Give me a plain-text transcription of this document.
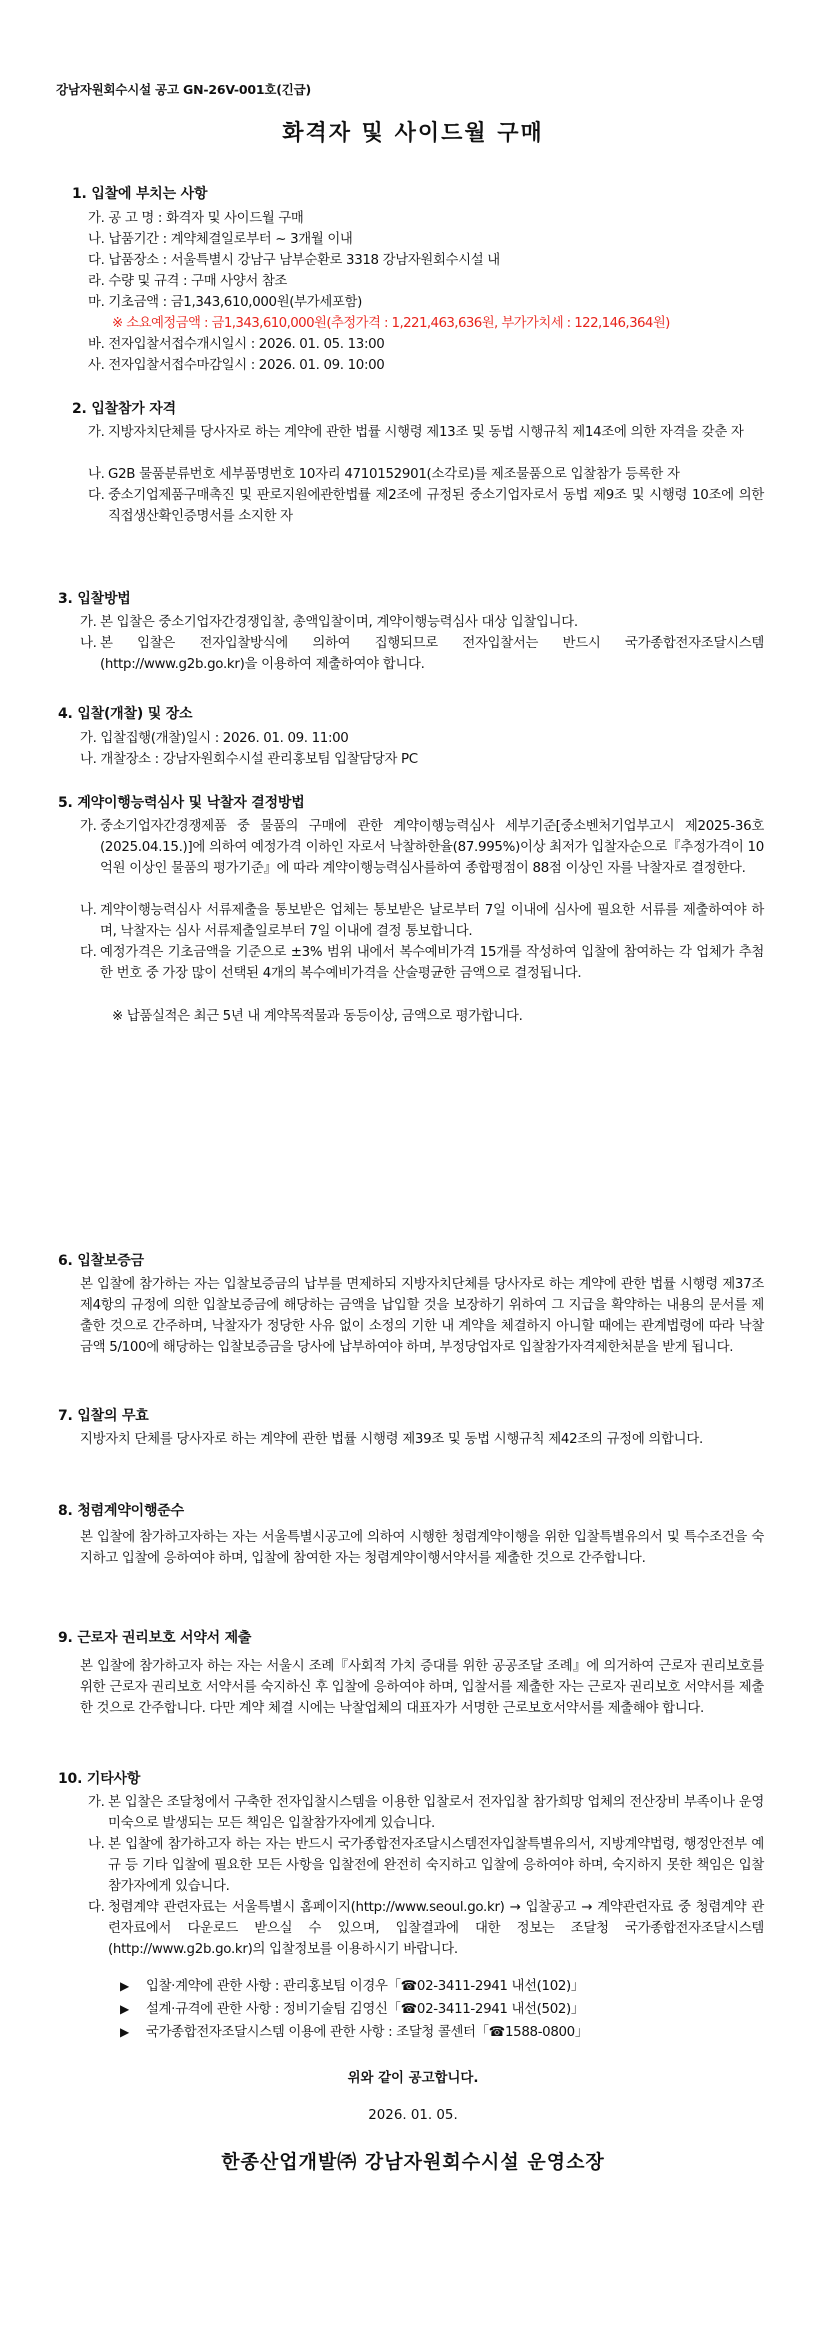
강남자원회수시설 공고 GN-26V-001호(긴급)
화격자 및 사이드월 구매
1. 입찰에 부치는 사항
가. 공 고 명 : 화격자 및 사이드월 구매
나. 납품기간 : 계약체결일로부터 ~ 3개월 이내
다. 납품장소 : 서울특별시 강남구 남부순환로 3318 강남자원회수시설 내
라. 수량 및 규격 : 구매 사양서 참조
마. 기초금액 : 금1,343,610,000원(부가세포함)
※ 소요예정금액 : 금1,343,610,000원(추정가격 : 1,221,463,636원, 부가가치세 : 122,146,364원)
바. 전자입찰서접수개시일시 : 2026. 01. 05. 13:00
사. 전자입찰서접수마감일시 : 2026. 01. 09. 10:00
2. 입찰참가 자격
가. 지방자치단체를 당사자로 하는 계약에 관한 법률 시행령 제13조 및 동법 시행규칙 제14조에 의한 자격을 갖춘 자
나. G2B 물품분류번호 세부품명번호 10자리 4710152901(소각로)를 제조물품으로 입찰참가 등록한 자
다. 중소기업제품구매촉진 및 판로지원에관한법률 제2조에 규정된 중소기업자로서 동법 제9조 및 시행령 10조에 의한 직접생산확인증명서를 소지한 자
3. 입찰방법
가. 본 입찰은 중소기업자간경쟁입찰, 총액입찰이며, 계약이행능력심사 대상 입찰입니다.
나. 본 입찰은 전자입찰방식에 의하여 집행되므로 전자입찰서는 반드시 국가종합전자조달시스템(http://www.g2b.go.kr)을 이용하여 제출하여야 합니다.
4. 입찰(개찰) 및 장소
가. 입찰집행(개찰)일시 : 2026. 01. 09. 11:00
나. 개찰장소 : 강남자원회수시설 관리홍보팀 입찰담당자 PC
5. 계약이행능력심사 및 낙찰자 결정방법
가. 중소기업자간경쟁제품 중 물품의 구매에 관한 계약이행능력심사 세부기준[중소벤처기업부고시 제2025-36호(2025.04.15.)]에 의하여 예정가격 이하인 자로서 낙찰하한율(87.995%)이상 최저가 입찰자순으로『추정가격이 10억원 이상인 물품의 평가기준』에 따라 계약이행능력심사를하여 종합평점이 88점 이상인 자를 낙찰자로 결정한다.
나. 계약이행능력심사 서류제출을 통보받은 업체는 통보받은 날로부터 7일 이내에 심사에 필요한 서류를 제출하여야 하며, 낙찰자는 심사 서류제출일로부터 7일 이내에 결정 통보합니다.
다. 예정가격은 기초금액을 기준으로 ±3% 범위 내에서 복수예비가격 15개를 작성하여 입찰에 참여하는 각 업체가 추첨한 번호 중 가장 많이 선택된 4개의 복수예비가격을 산술평균한 금액으로 결정됩니다.
※ 납품실적은 최근 5년 내 계약목적물과 동등이상, 금액으로 평가합니다.
6. 입찰보증금
본 입찰에 참가하는 자는 입찰보증금의 납부를 면제하되 지방자치단체를 당사자로 하는 계약에 관한 법률 시행령 제37조 제4항의 규정에 의한 입찰보증금에 해당하는 금액을 납입할 것을 보장하기 위하여 그 지급을 확약하는 내용의 문서를 제출한 것으로 간주하며, 낙찰자가 정당한 사유 없이 소정의 기한 내 계약을 체결하지 아니할 때에는 관계법령에 따라 낙찰금액 5/100에 해당하는 입찰보증금을 당사에 납부하여야 하며, 부정당업자로 입찰참가자격제한처분을 받게 됩니다.
7. 입찰의 무효
지방자치 단체를 당사자로 하는 계약에 관한 법률 시행령 제39조 및 동법 시행규칙 제42조의 규정에 의합니다.
8. 청렴계약이행준수
본 입찰에 참가하고자하는 자는 서울특별시공고에 의하여 시행한 청렴계약이행을 위한 입찰특별유의서 및 특수조건을 숙지하고 입찰에 응하여야 하며, 입찰에 참여한 자는 청렴계약이행서약서를 제출한 것으로 간주합니다.
9. 근로자 권리보호 서약서 제출
본 입찰에 참가하고자 하는 자는 서울시 조례『사회적 가치 증대를 위한 공공조달 조례』에 의거하여 근로자 권리보호를 위한 근로자 권리보호 서약서를 숙지하신 후 입찰에 응하여야 하며, 입찰서를 제출한 자는 근로자 권리보호 서약서를 제출한 것으로 간주합니다. 다만 계약 체결 시에는 낙찰업체의 대표자가 서명한 근로보호서약서를 제출해야 합니다.
10. 기타사항
가. 본 입찰은 조달청에서 구축한 전자입찰시스템을 이용한 입찰로서 전자입찰 참가희망 업체의 전산장비 부족이나 운영미숙으로 발생되는 모든 책임은 입찰참가자에게 있습니다.
나. 본 입찰에 참가하고자 하는 자는 반드시 국가종합전자조달시스템전자입찰특별유의서, 지방계약법령, 행정안전부 예규 등 기타 입찰에 필요한 모든 사항을 입찰전에 완전히 숙지하고 입찰에 응하여야 하며, 숙지하지 못한 책임은 입찰참가자에게 있습니다.
다. 청렴계약 관련자료는 서울특별시 홈페이지(http://www.seoul.go.kr) → 입찰공고 → 계약관련자료 중 청렴계약 관련자료에서 다운로드 받으실 수 있으며, 입찰결과에 대한 정보는 조달청 국가종합전자조달시스템(http://www.g2b.go.kr)의 입찰정보를 이용하시기 바랍니다.
▶ 입찰·계약에 관한 사항 : 관리홍보팀 이경우「☎02-3411-2941 내선(102)」
▶ 설계·규격에 관한 사항 : 정비기술팀 김영신「☎02-3411-2941 내선(502)」
▶ 국가종합전자조달시스템 이용에 관한 사항 : 조달청 콜센터「☎1588-0800」
위와 같이 공고합니다.
2026. 01. 05.
한종산업개발㈜ 강남자원회수시설 운영소장
